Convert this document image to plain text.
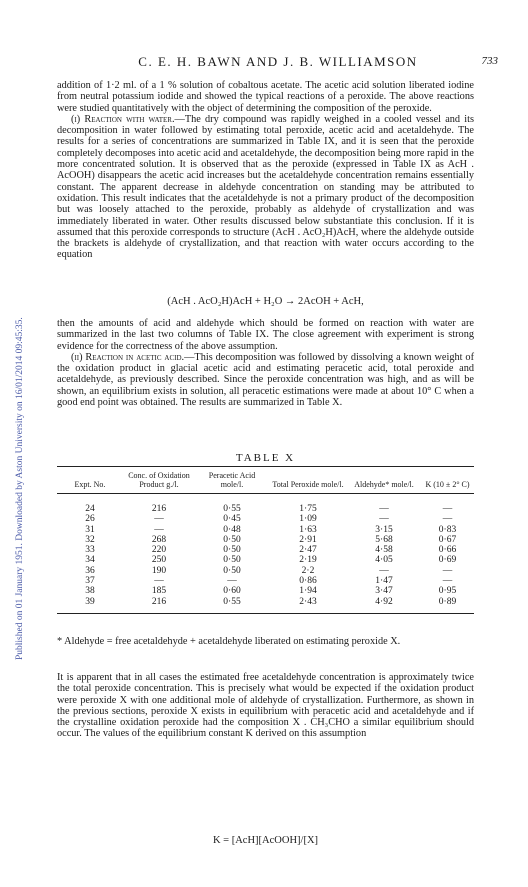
Published on 01 January 1951. Downloaded by Aston University on 16/01/2014 09:45:35.
C. E. H. BAWN AND J. B. WILLIAMSON	733

addition of 1·2 ml. of a 1 % solution of cobaltous acetate. The acetic acid solution liberated iodine from neutral potassium iodide and showed the typical reactions of a peroxide. The above reactions were studied quantitatively with the object of determining the composition of the peroxide.

(i) Reaction with water.—The dry compound was rapidly weighed in a cooled vessel and its decomposition in water followed by estimating total peroxide, acetic acid and acetaldehyde. The results for a series of concentrations are summarized in Table IX, and it is seen that the peroxide completely decomposes into acetic acid and acetaldehyde, the decomposition being more rapid in the more concentrated solution. It is observed that as the peroxide (expressed in Table IX as AcH . AcOOH) disappears the acetic acid increases but the acetaldehyde concentration remains essentially constant. The apparent decrease in aldehyde concentration on standing may be attributed to oxidation. This result indicates that the acetaldehyde is not a primary product of the decomposition but was loosely attached to the peroxide, probably as aldehyde of crystallization and was immediately liberated in water. Other results discussed below substantiate this conclusion. If it is assumed that this peroxide corresponds to structure (AcH . AcO₂H)AcH, where the aldehyde outside the brackets is aldehyde of crystallization, and that reaction with water occurs according to the equation

(AcH . AcO₂H)AcH + H₂O → 2AcOH + AcH,

then the amounts of acid and aldehyde which should be formed on reaction with water are summarized in the last two columns of Table IX. The close agreement with experiment is strong evidence for the correctness of the above assumption.

(ii) Reaction in acetic acid.—This decomposition was followed by dissolving a known weight of the oxidation product in glacial acetic acid and estimating peracetic acid, total peroxide and acetaldehyde, as previously described. Since the peroxide concentration was high, and as will be shown, an equilibrium exists in solution, all peracetic estimations were made at about 10° C when a good end point was obtained. The results are summarized in Table X.

TABLE X
Expt. No.	Conc. of Oxidation Product g./l.	Peracetic Acid mole/l.	Total Peroxide mole/l.	Aldehyde* mole/l.	K (10 ± 2° C)
24	216	0·55	1·75	—	—
26	—	0·45	1·09	—	—
31	—	0·48	1·63	3·15	0·83
32	268	0·50	2·91	5·68	0·67
33	220	0·50	2·47	4·58	0·66
34	250	0·50	2·19	4·05	0·69
36	190	0·50	2·2	—	—
37	—	—	0·86	1·47	—
38	185	0·60	1·94	3·47	0·95
39	216	0·55	2·43	4·92	0·89
* Aldehyde = free acetaldehyde + acetaldehyde liberated on estimating peroxide X.

It is apparent that in all cases the estimated free acetaldehyde concentration is approximately twice the total peroxide concentration. This is precisely what would be expected if the oxidation product were peroxide X with one additional mole of aldehyde of crystallization. Furthermore, as shown in the previous sections, peroxide X exists in equilibrium with peracetic acid and acetaldehyde and if the crystalline oxidation peroxide had the composition X . CH₃CHO a similar equilibrium should occur. The values of the equilibrium constant K derived on this assumption

K = [AcH][AcOOH]/[X]
